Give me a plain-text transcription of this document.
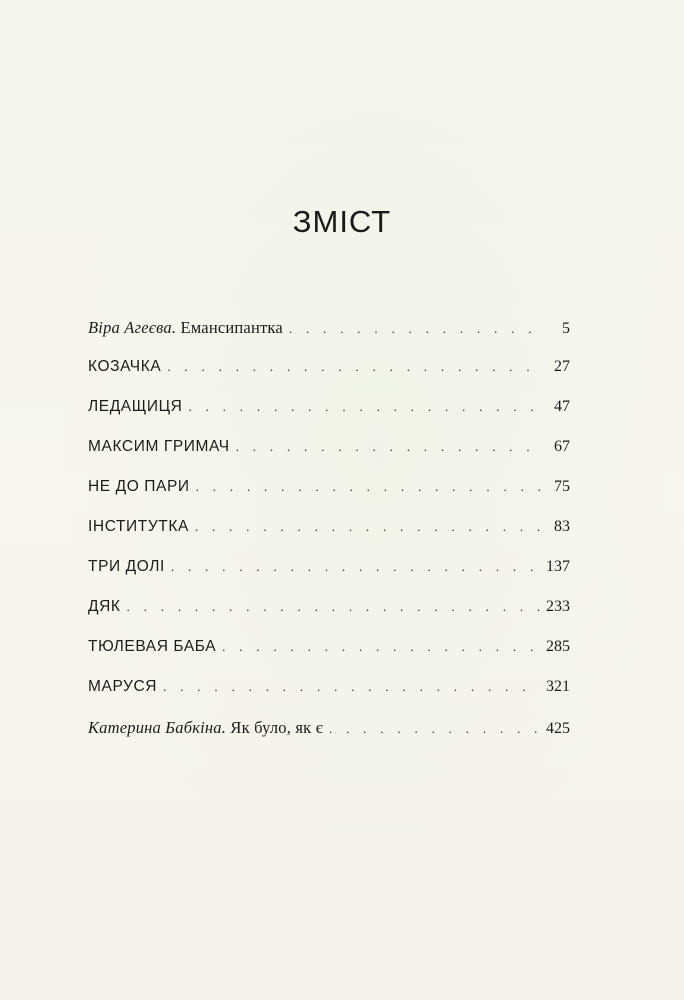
ЗМІСТ
Віра Агеєва. Емансипантка . . .	5
КОЗАЧКА . . .	27
ЛЕДАЩИЦЯ . . .	47
МАКСИМ ГРИМАЧ . . .	67
НЕ ДО ПАРИ . . .	75
ІНСТИТУТКА . . .	83
ТРИ ДОЛІ . . .	137
ДЯК . . .	233
ТЮЛЕВАЯ БАБА . . .	285
МАРУСЯ . . .	321
Катерина Бабкіна. Як було, як є . . .	425
